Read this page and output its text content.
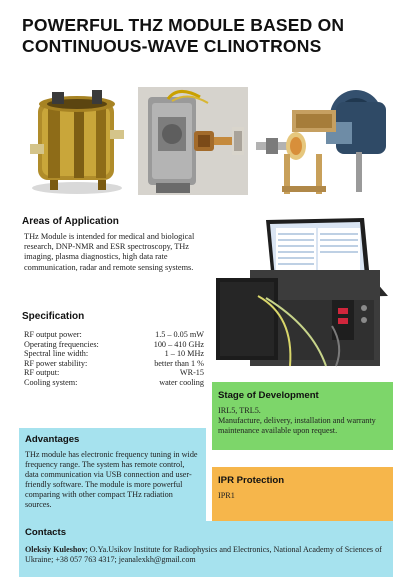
POWERFUL THZ MODULE BASED ON
CONTINUOUS-WAVE CLINOTRONS
Areas of Application
THz Module is intended for medical and biological research, DNP-NMR and ESR spectroscopy, THz imaging, plasma diagnostics, high data rate communication, radar and remote sensing systems.
Specification
RF output power:	1.5 – 0.05 mW
Operating frequencies:	100 – 410 GHz
Spectral line width:	1 – 10 MHz
RF power stability:	better than 1 %
RF output:	WR-15
Cooling system:	water cooling
Stage of Development
IRL5, TRL5.
Manufacture, delivery, installation and warranty maintenance available upon request.
Advantages
THz module has electronic frequency tuning in wide frequency range. The system has remote control, data communication via USB connection and user-friendly software. The module is more powerful comparing with other compact THz radiation sources.
IPR Protection
IPR1
Contacts
Oleksiy Kuleshov; O.Ya.Usikov Institute for Radiophysics and Electronics, National Academy of Sciences of Ukraine; +38 057 763 4317; jeanalexkh@gmail.com
